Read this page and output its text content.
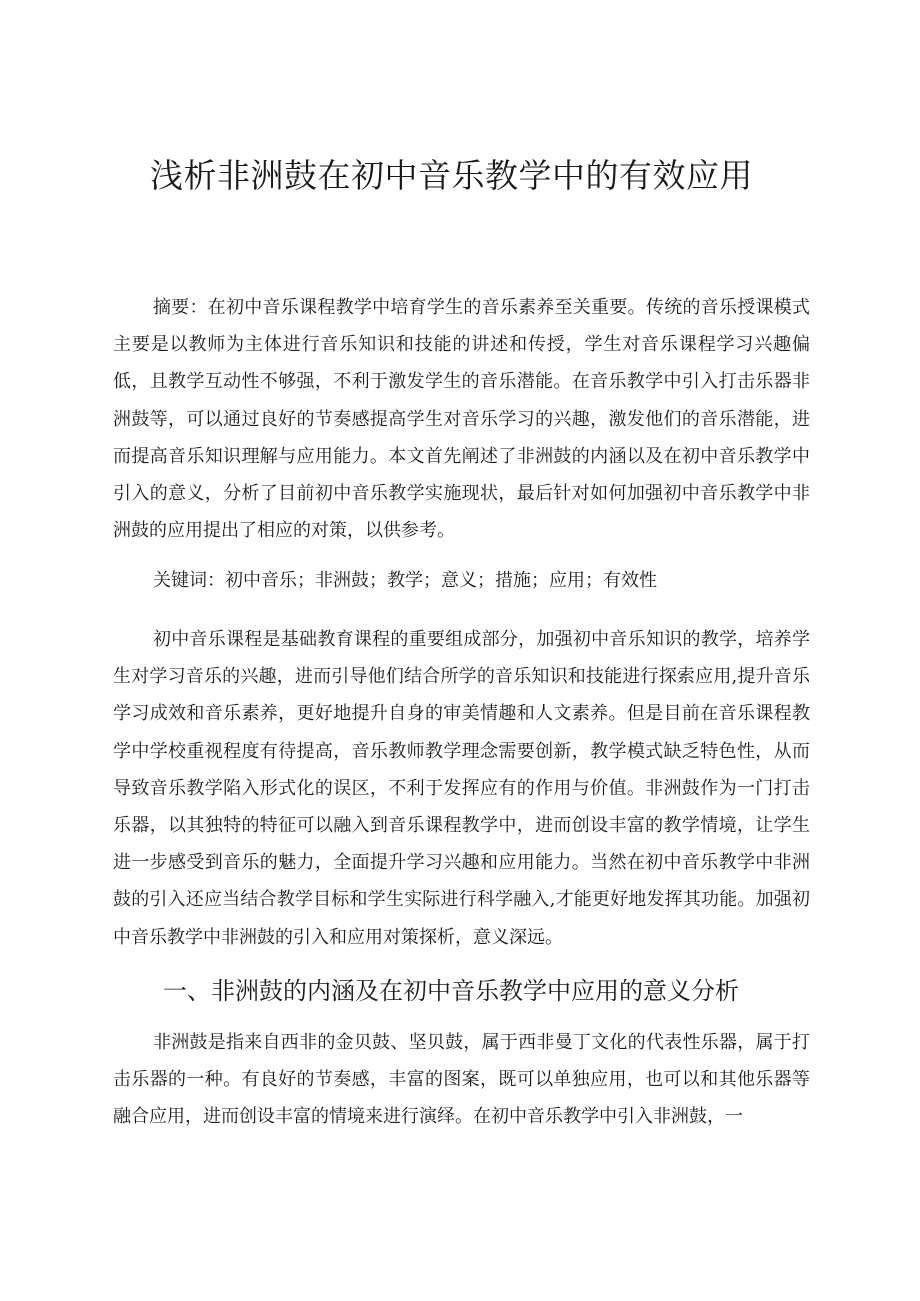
浅析非洲鼓在初中音乐教学中的有效应用

摘要：在初中音乐课程教学中培育学生的音乐素养至关重要。传统的音乐授课模式主要是以教师为主体进行音乐知识和技能的讲述和传授，学生对音乐课程学习兴趣偏低，且教学互动性不够强，不利于激发学生的音乐潜能。在音乐教学中引入打击乐器非洲鼓等，可以通过良好的节奏感提高学生对音乐学习的兴趣，激发他们的音乐潜能，进而提高音乐知识理解与应用能力。本文首先阐述了非洲鼓的内涵以及在初中音乐教学中引入的意义，分析了目前初中音乐教学实施现状，最后针对如何加强初中音乐教学中非洲鼓的应用提出了相应的对策，以供参考。

关键词：初中音乐；非洲鼓；教学；意义；措施；应用；有效性

初中音乐课程是基础教育课程的重要组成部分，加强初中音乐知识的教学，培养学生对学习音乐的兴趣，进而引导他们结合所学的音乐知识和技能进行探索应用,提升音乐学习成效和音乐素养，更好地提升自身的审美情趣和人文素养。但是目前在音乐课程教学中学校重视程度有待提高，音乐教师教学理念需要创新，教学模式缺乏特色性，从而导致音乐教学陷入形式化的误区，不利于发挥应有的作用与价值。非洲鼓作为一门打击乐器，以其独特的特征可以融入到音乐课程教学中，进而创设丰富的教学情境，让学生进一步感受到音乐的魅力，全面提升学习兴趣和应用能力。当然在初中音乐教学中非洲鼓的引入还应当结合教学目标和学生实际进行科学融入,才能更好地发挥其功能。加强初中音乐教学中非洲鼓的引入和应用对策探析，意义深远。

一、非洲鼓的内涵及在初中音乐教学中应用的意义分析

非洲鼓是指来自西非的金贝鼓、坚贝鼓，属于西非曼丁文化的代表性乐器，属于打击乐器的一种。有良好的节奏感，丰富的图案，既可以单独应用，也可以和其他乐器等融合应用，进而创设丰富的情境来进行演绎。在初中音乐教学中引入非洲鼓，一
